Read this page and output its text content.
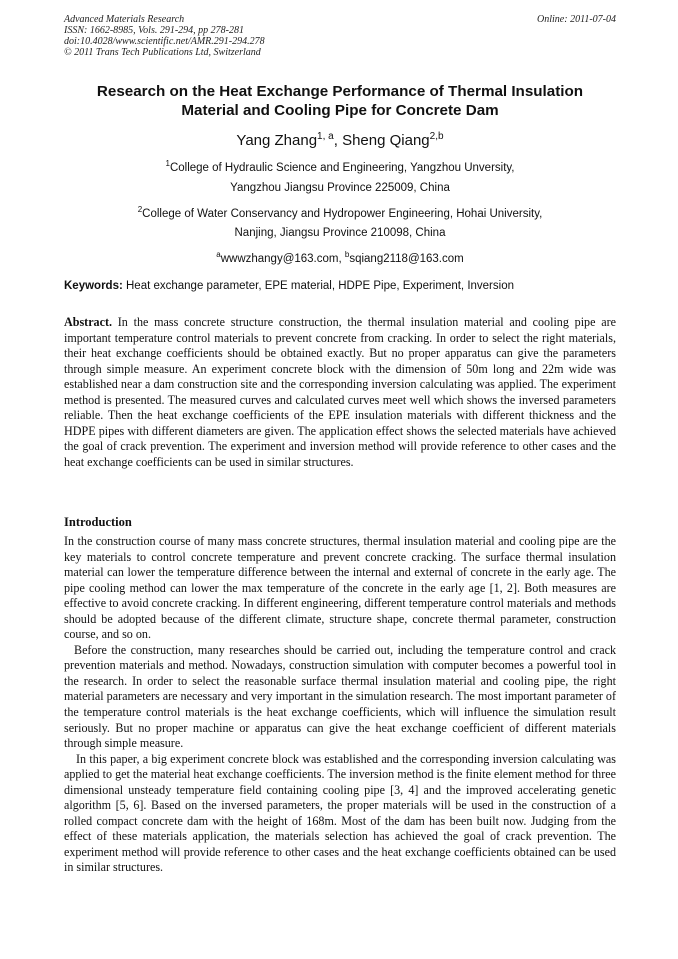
Advanced Materials Research
ISSN: 1662-8985, Vols. 291-294, pp 278-281
doi:10.4028/www.scientific.net/AMR.291-294.278
© 2011 Trans Tech Publications Ltd, Switzerland
Online: 2011-07-04
Research on the Heat Exchange Performance of Thermal Insulation
Material and Cooling Pipe for Concrete Dam
Yang Zhang$^{1, a}$, Sheng Qiang$^{2,b}$
$^1$College of Hydraulic Science and Engineering, Yangzhou Unversity,
Yangzhou Jiangsu Province 225009, China
$^2$College of Water Conservancy and Hydropower Engineering, Hohai University,
Nanjing, Jiangsu Province 210098, China
$^a$wwwzhangy@163.com, $^b$sqiang2118@163.com
Keywords: Heat exchange parameter, EPE material, HDPE Pipe, Experiment, Inversion
Abstract. In the mass concrete structure construction, the thermal insulation material and cooling pipe are important temperature control materials to prevent concrete from cracking. In order to select the right materials, their heat exchange coefficients should be obtained exactly. But no proper apparatus can give the parameters through simple measure. An experiment concrete block with the dimension of 50m long and 22m wide was established near a dam construction site and the corresponding inversion calculating was applied. The experiment method is presented. The measured curves and calculated curves meet well which shows the inversed parameters reliable. Then the heat exchange coefficients of the EPE insulation materials with different thickness and the HDPE pipes with different diameters are given. The application effect shows the selected materials have achieved the goal of crack prevention. The experiment and inversion method will provide reference to other cases and the heat exchange coefficients can be used in similar structures.
Introduction

In the construction course of many mass concrete structures, thermal insulation material and cooling pipe are the key materials to control concrete temperature and prevent concrete cracking. The surface thermal insulation material can lower the temperature difference between the internal and external of concrete in the early age. The pipe cooling method can lower the max temperature of the concrete in the early age [1, 2]. Both measures are effective to avoid concrete cracking. In different engineering, different temperature control materials and methods should be adopted because of the different climate, structure shape, concrete thermal parameter, construction course, and so on.

Before the construction, many researches should be carried out, including the temperature control and crack prevention materials and method. Nowadays, construction simulation with computer becomes a powerful tool in the research. In order to select the reasonable surface thermal insulation material and cooling pipe, the right material parameters are necessary and very important in the simulation research. The most important parameter of the temperature control materials is the heat exchange coefficients, which will influence the simulation result seriously. But no proper machine or apparatus can give the heat exchange coefficient of different materials through simple measure.

In this paper, a big experiment concrete block was established and the corresponding inversion calculating was applied to get the material heat exchange coefficients. The inversion method is the finite element method for three dimensional unsteady temperature field containing cooling pipe [3, 4] and the improved accelerating genetic algorithm [5, 6]. Based on the inversed parameters, the proper materials will be used in the construction of a rolled compact concrete dam with the height of 168m. Most of the dam has been built now. Judging from the effect of these materials application, the materials selection has achieved the goal of crack prevention. The experiment method will provide reference to other cases and the heat exchange coefficients obtained can be used in similar structures.
